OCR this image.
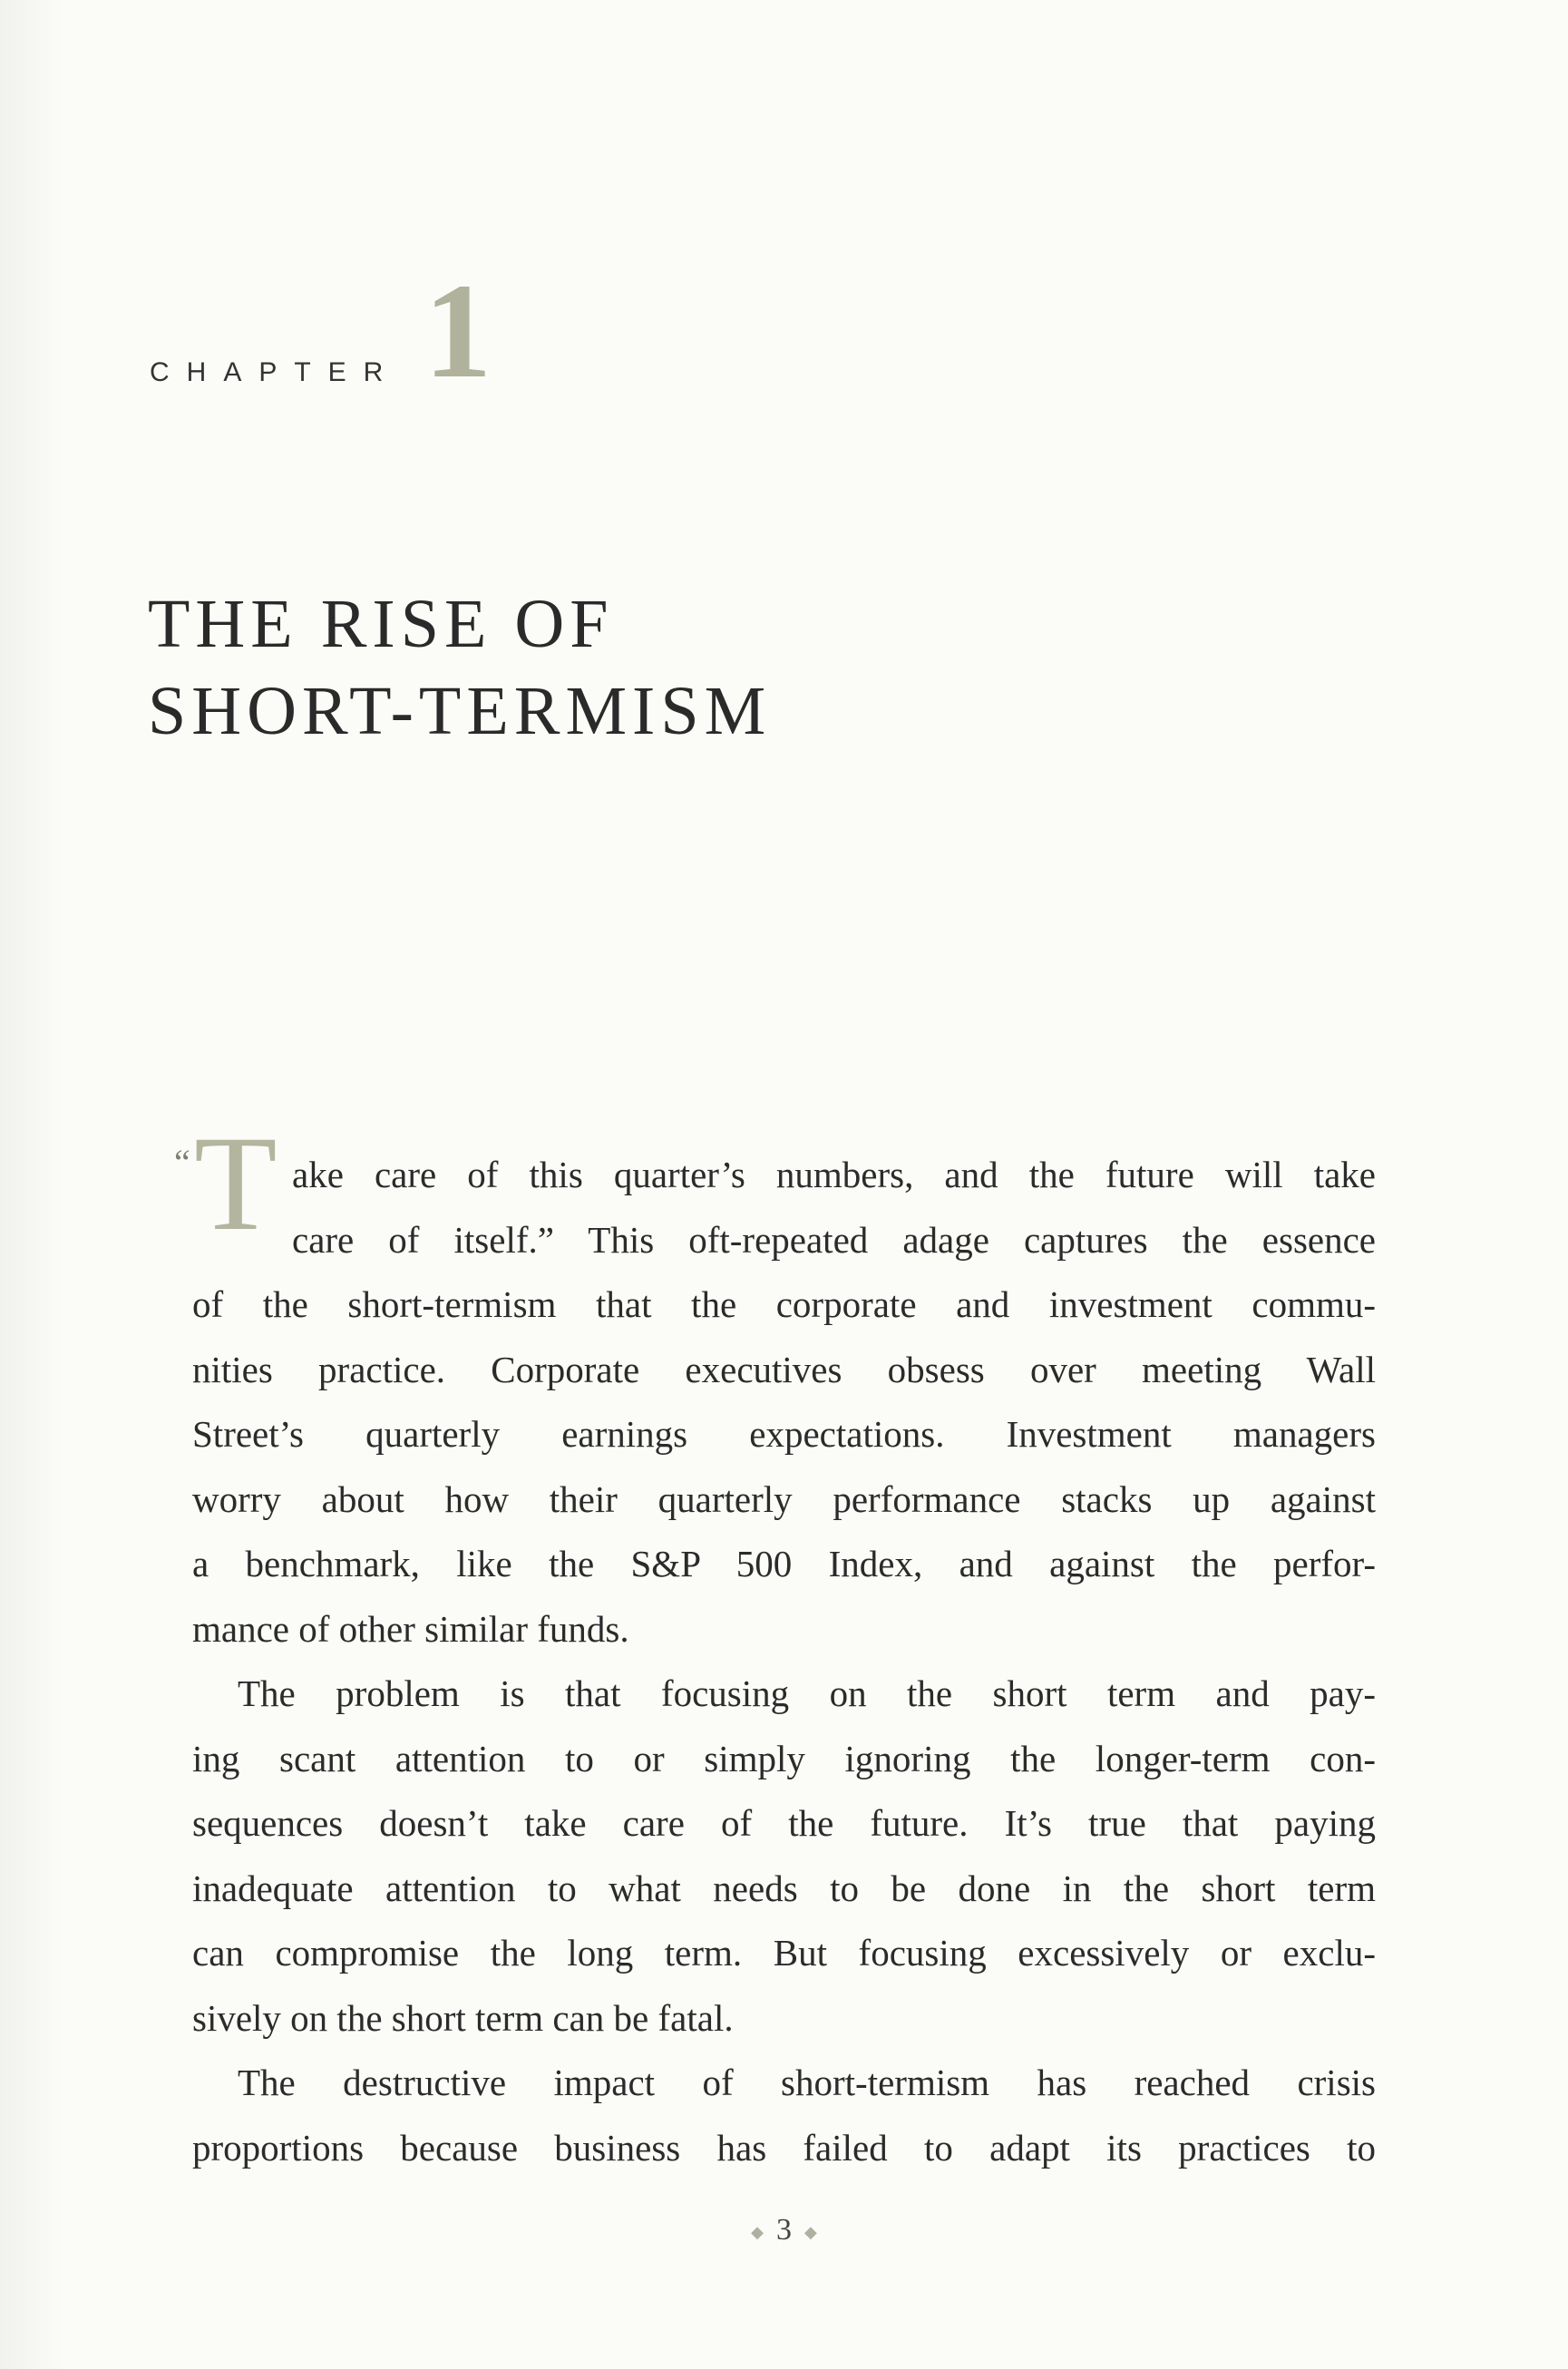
CHAPTER 1
THE RISE OF
SHORT-TERMISM
“ T ake care of this quarter’s numbers, and the future will take
care of itself.” This oft-repeated adage captures the essence
of the short-termism that the corporate and investment commu-
nities practice. Corporate executives obsess over meeting Wall
Street’s quarterly earnings expectations. Investment managers
worry about how their quarterly performance stacks up against
a benchmark, like the S&P 500 Index, and against the perfor-
mance of other similar funds.
The problem is that focusing on the short term and pay-
ing scant attention to or simply ignoring the longer-term con-
sequences doesn’t take care of the future. It’s true that paying
inadequate attention to what needs to be done in the short term
can compromise the long term. But focusing excessively or exclu-
sively on the short term can be fatal.
The destructive impact of short-termism has reached crisis
proportions because business has failed to adapt its practices to
◆ 3 ◆
